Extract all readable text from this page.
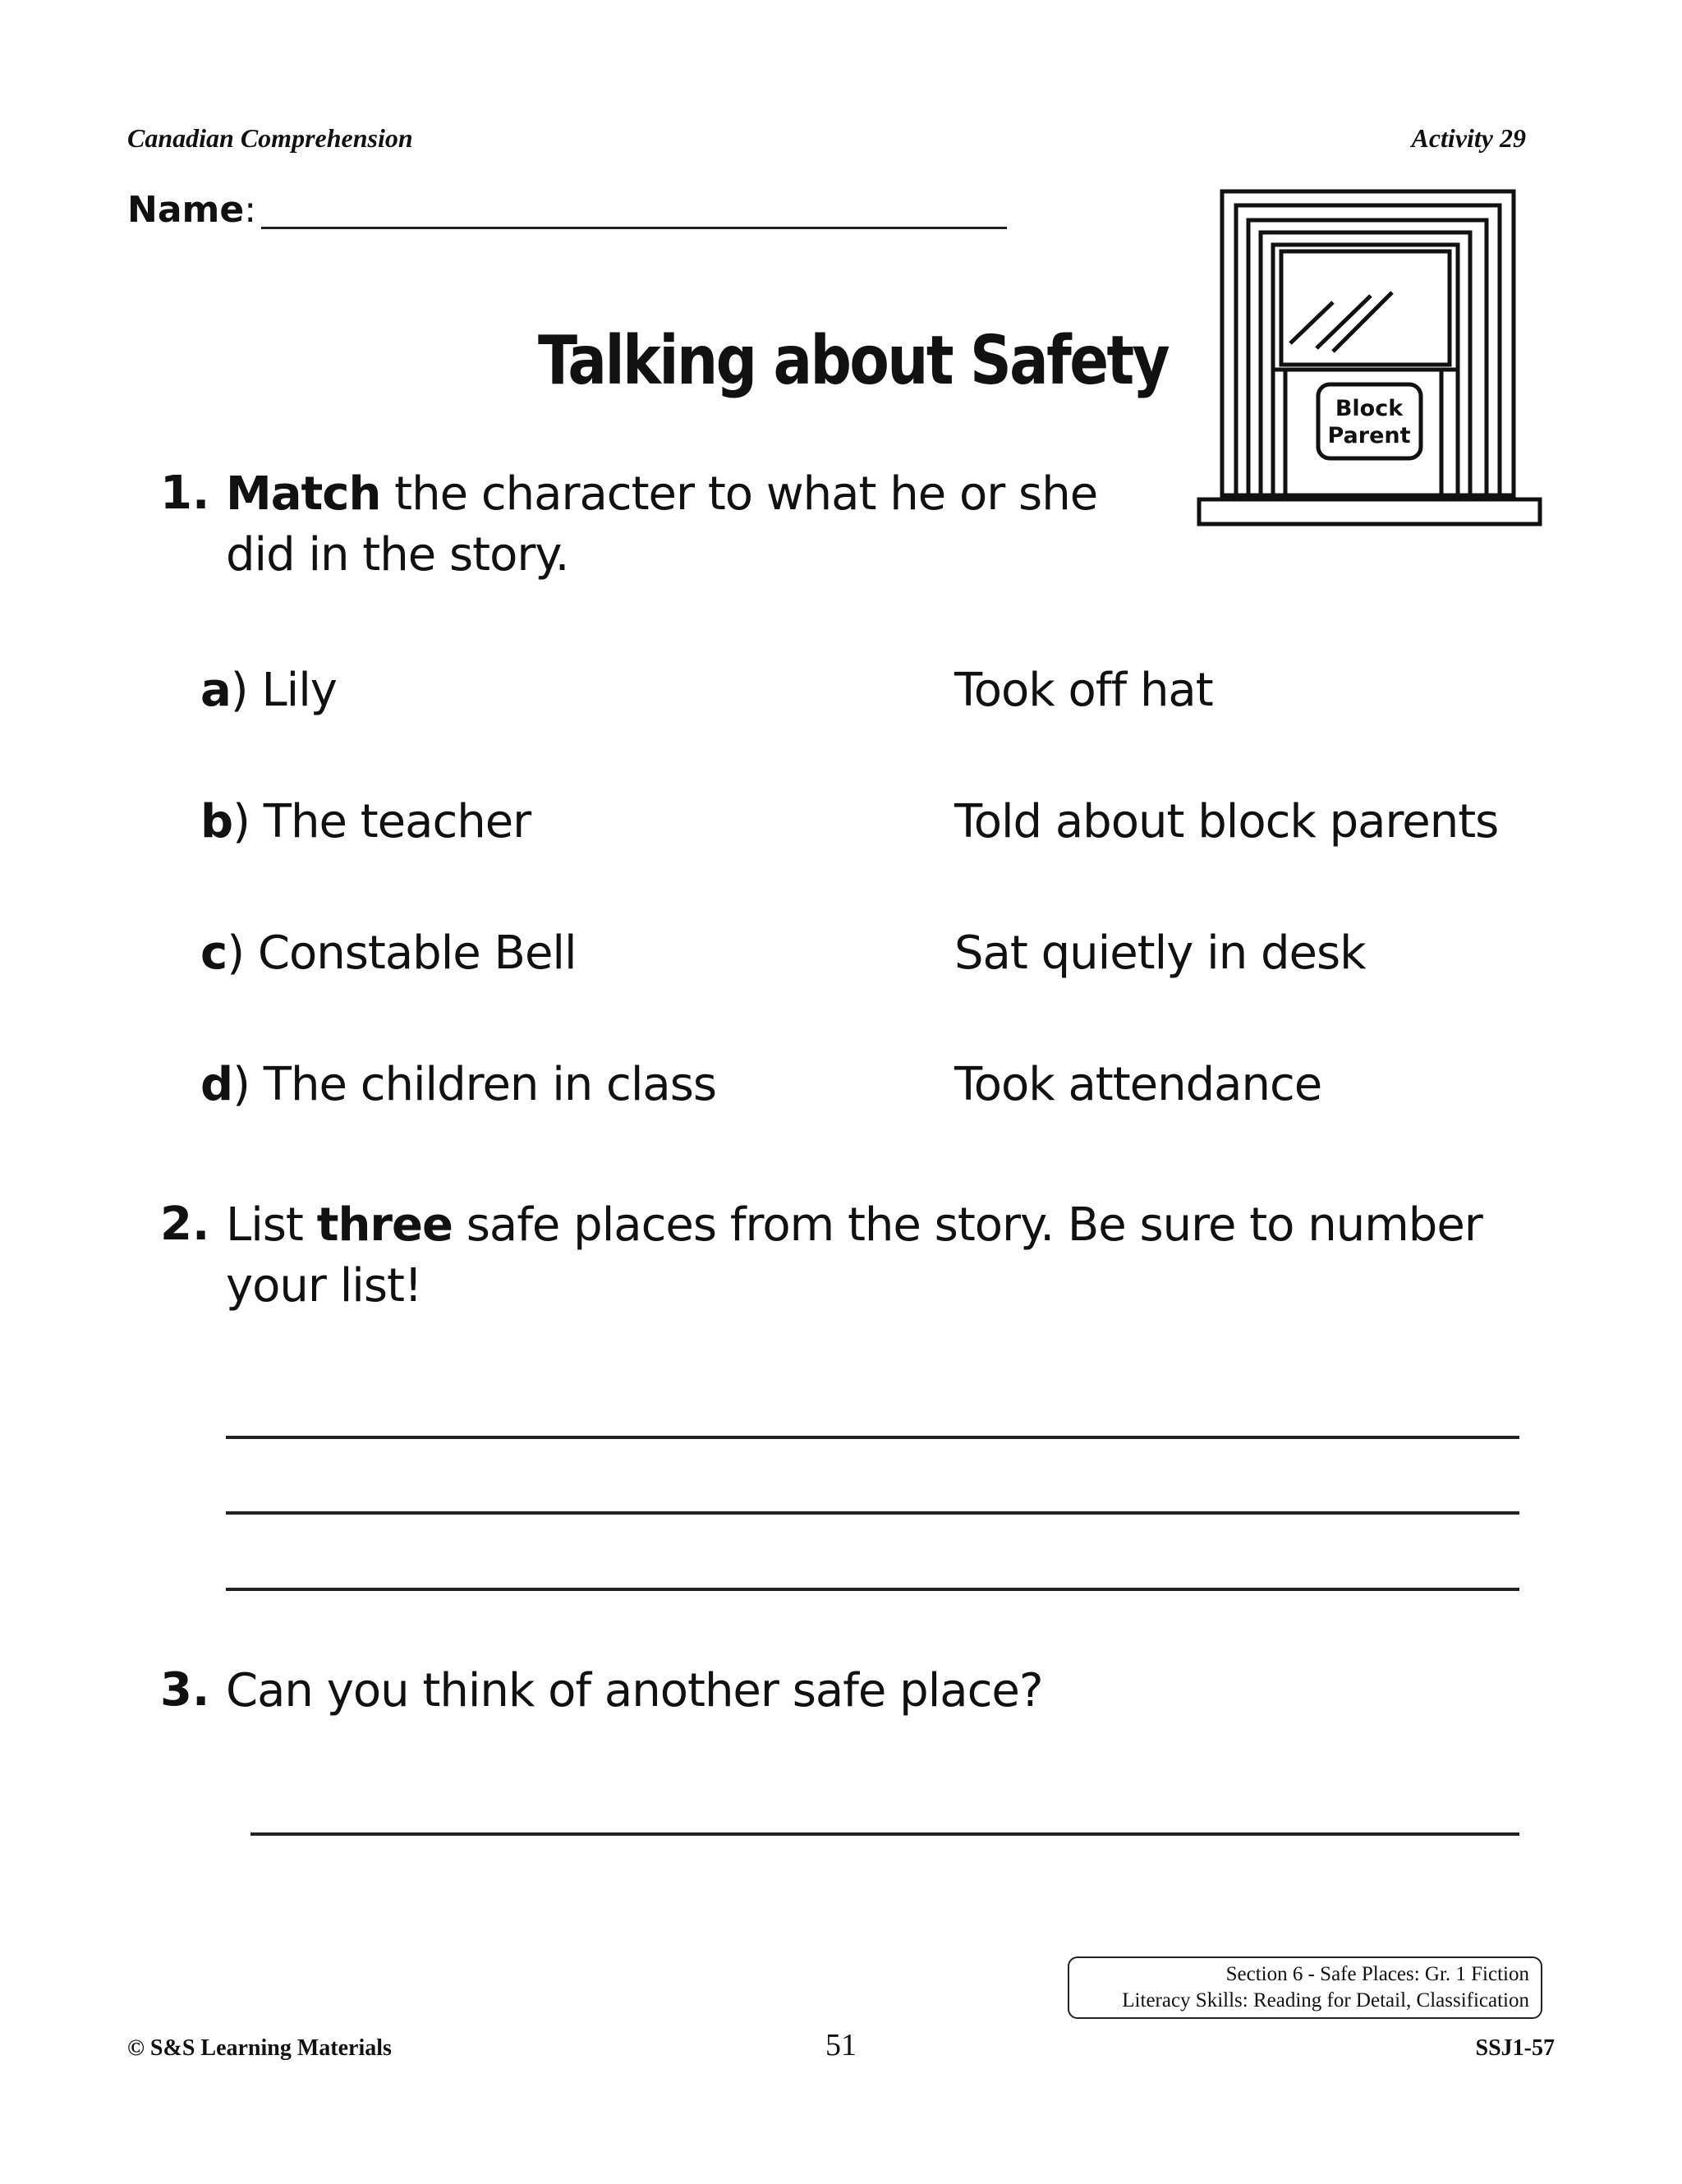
Canadian Comprehension	Activity 29
Name:
Talking about Safety
Block
Parent
1. Match the character to what he or she did in the story.
a) Lily	Took off hat
b) The teacher	Told about block parents
c) Constable Bell	Sat quietly in desk
d) The children in class	Took attendance
2. List three safe places from the story. Be sure to number your list!
3. Can you think of another safe place?
Section 6 - Safe Places: Gr. 1 Fiction
Literacy Skills: Reading for Detail, Classification
© S&S Learning Materials	51	SSJ1-57
